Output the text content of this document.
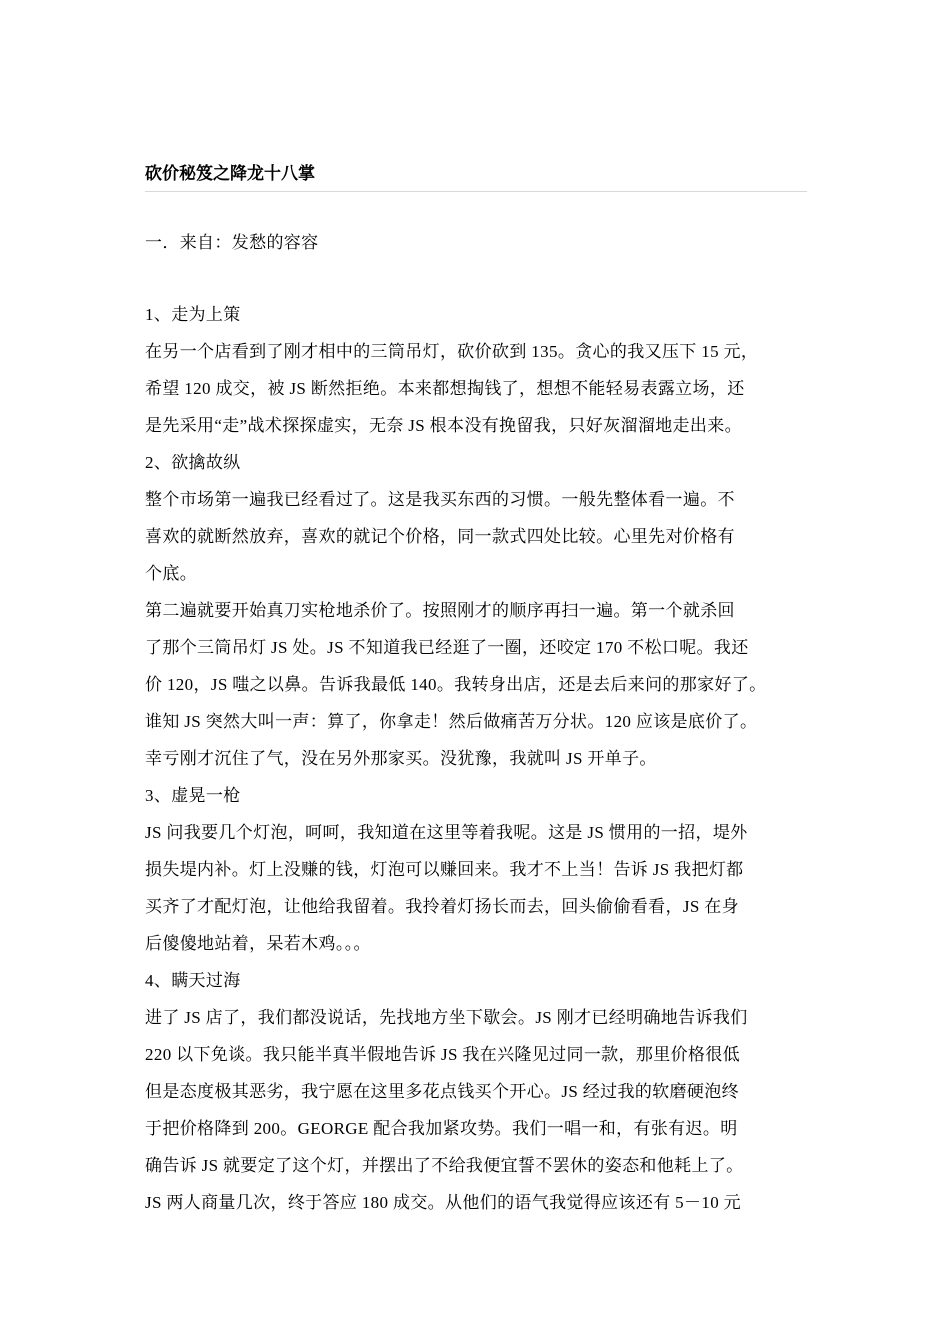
砍价秘笈之降龙十八掌
一．来自：发愁的容容
1、走为上策
在另一个店看到了刚才相中的三筒吊灯，砍价砍到 135。贪心的我又压下 15 元，
希望 120 成交，被 JS 断然拒绝。本来都想掏钱了，想想不能轻易表露立场，还
是先采用“走”战术探探虚实，无奈 JS 根本没有挽留我，只好灰溜溜地走出来。
2、欲擒故纵
整个市场第一遍我已经看过了。这是我买东西的习惯。一般先整体看一遍。不
喜欢的就断然放弃，喜欢的就记个价格，同一款式四处比较。心里先对价格有
个底。
第二遍就要开始真刀实枪地杀价了。按照刚才的顺序再扫一遍。第一个就杀回
了那个三筒吊灯 JS 处。JS 不知道我已经逛了一圈，还咬定 170 不松口呢。我还
价 120，JS 嗤之以鼻。告诉我最低 140。我转身出店，还是去后来问的那家好了。
谁知 JS 突然大叫一声：算了，你拿走！然后做痛苦万分状。120 应该是底价了。
幸亏刚才沉住了气，没在另外那家买。没犹豫，我就叫 JS 开单子。
3、虚晃一枪
JS 问我要几个灯泡，呵呵，我知道在这里等着我呢。这是 JS 惯用的一招，堤外
损失堤内补。灯上没赚的钱，灯泡可以赚回来。我才不上当！告诉 JS 我把灯都
买齐了才配灯泡，让他给我留着。我拎着灯扬长而去，回头偷偷看看，JS 在身
后傻傻地站着，呆若木鸡。。。
4、瞒天过海
进了 JS 店了，我们都没说话，先找地方坐下歇会。JS 刚才已经明确地告诉我们
220 以下免谈。我只能半真半假地告诉 JS 我在兴隆见过同一款，那里价格很低
但是态度极其恶劣，我宁愿在这里多花点钱买个开心。JS 经过我的软磨硬泡终
于把价格降到 200。GEORGE 配合我加紧攻势。我们一唱一和，有张有迟。明
确告诉 JS 就要定了这个灯，并摆出了不给我便宜誓不罢休的姿态和他耗上了。
JS 两人商量几次，终于答应 180 成交。从他们的语气我觉得应该还有 5－10 元
